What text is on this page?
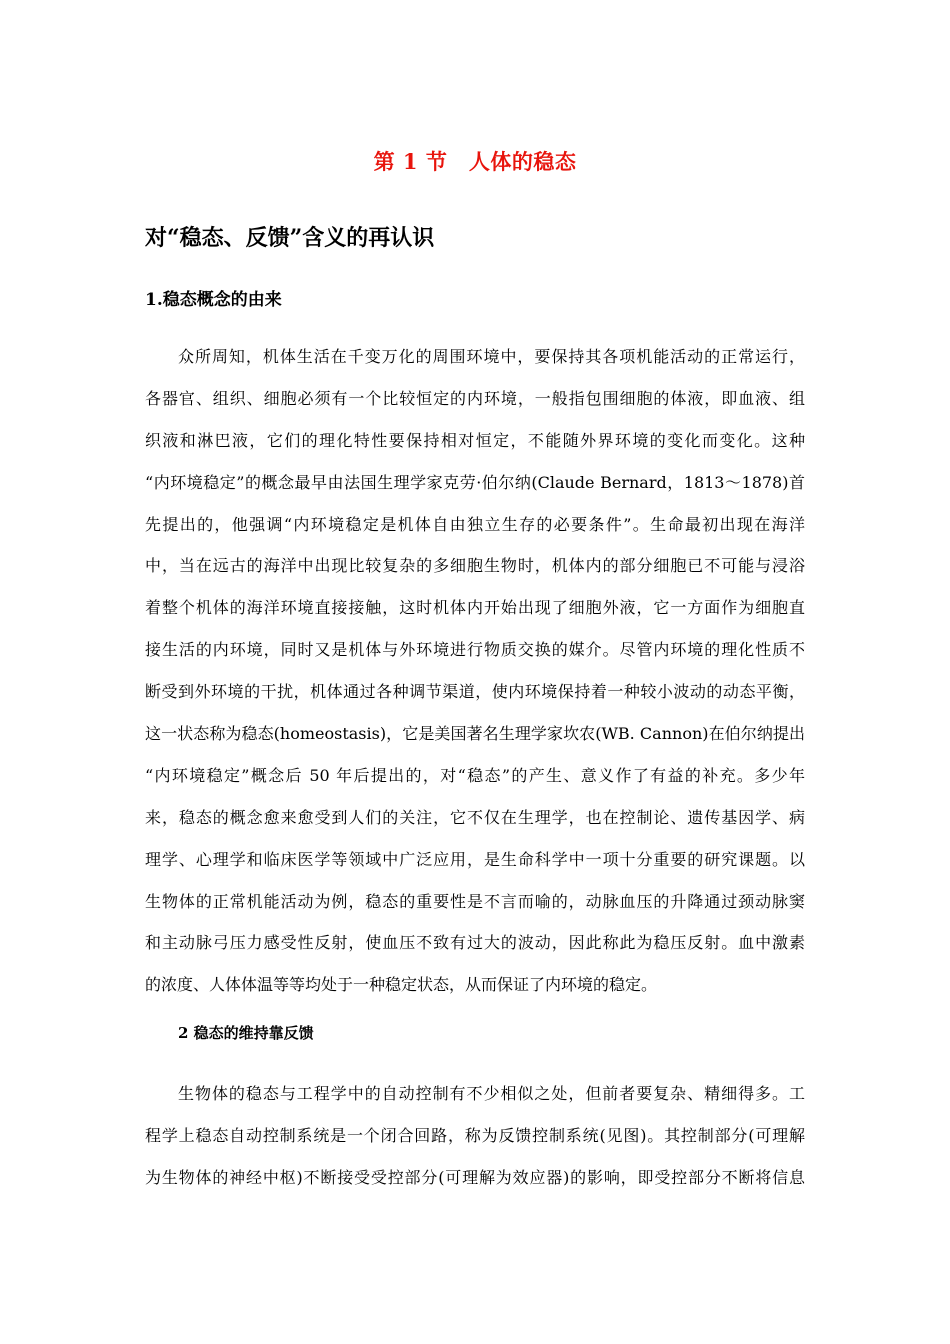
第 1 节　人体的稳态
对“稳态、反馈”含义的再认识
1.稳态概念的由来
众所周知，机体生活在千变万化的周围环境中，要保持其各项机能活动的正常运行，
各器官、组织、细胞必须有一个比较恒定的内环境，一般指包围细胞的体液，即血液、组
织液和淋巴液，它们的理化特性要保持相对恒定，不能随外界环境的变化而变化。这种
“内环境稳定”的概念最早由法国生理学家克劳·伯尔纳(Claude Bernard，1813～1878)首
先提出的，他强调“内环境稳定是机体自由独立生存的必要条件”。生命最初出现在海洋
中，当在远古的海洋中出现比较复杂的多细胞生物时，机体内的部分细胞已不可能与浸浴
着整个机体的海洋环境直接接触，这时机体内开始出现了细胞外液，它一方面作为细胞直
接生活的内环境，同时又是机体与外环境进行物质交换的媒介。尽管内环境的理化性质不
断受到外环境的干扰，机体通过各种调节渠道，使内环境保持着一种较小波动的动态平衡，
这一状态称为稳态(homeostasis)，它是美国著名生理学家坎农(WB. Cannon)在伯尔纳提出
“内环境稳定”概念后 50 年后提出的，对“稳态”的产生、意义作了有益的补充。多少年
来，稳态的概念愈来愈受到人们的关注，它不仅在生理学，也在控制论、遗传基因学、病
理学、心理学和临床医学等领域中广泛应用，是生命科学中一项十分重要的研究课题。以
生物体的正常机能活动为例，稳态的重要性是不言而喻的，动脉血压的升降通过颈动脉窦
和主动脉弓压力感受性反射，使血压不致有过大的波动，因此称此为稳压反射。血中激素
的浓度、人体体温等等均处于一种稳定状态，从而保证了内环境的稳定。
2 稳态的维持靠反馈
生物体的稳态与工程学中的自动控制有不少相似之处，但前者要复杂、精细得多。工
程学上稳态自动控制系统是一个闭合回路，称为反馈控制系统(见图)。其控制部分(可理解
为生物体的神经中枢)不断接受受控部分(可理解为效应器)的影响，即受控部分不断将信息
